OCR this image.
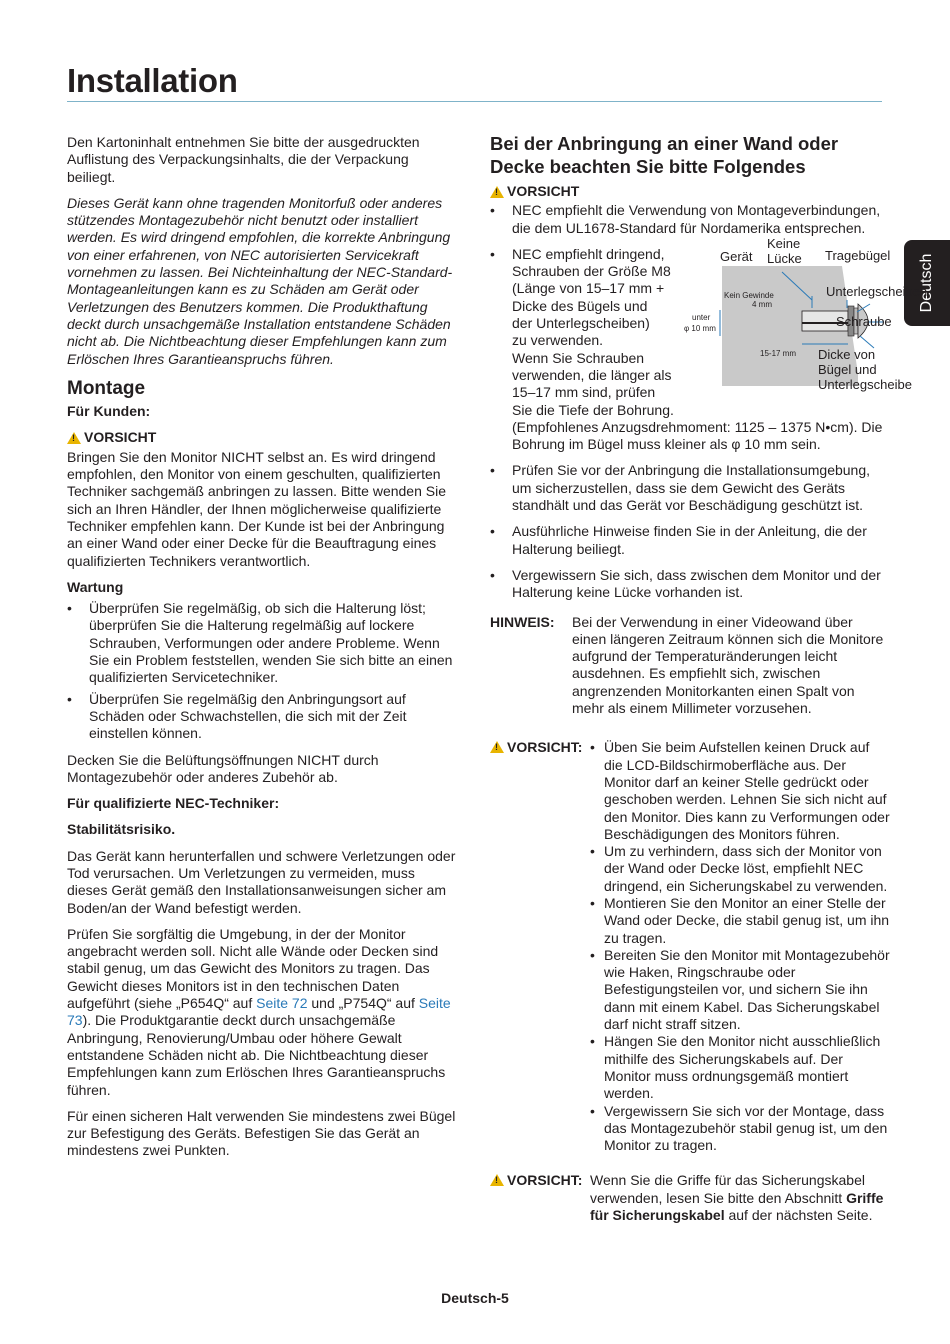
Installation
Deutsch

Den Kartoninhalt entnehmen Sie bitte der ausgedruckten Auflistung des Verpackungsinhalts, die der Verpackung beiliegt.

Dieses Gerät kann ohne tragenden Monitorfuß oder anderes stützendes Montagezubehör nicht benutzt oder installiert werden. Es wird dringend empfohlen, die korrekte Anbringung von einer erfahrenen, von NEC autorisierten Servicekraft vornehmen zu lassen. Bei Nichteinhaltung der NEC-Standard-Montageanleitungen kann es zu Schäden am Gerät oder Verletzungen des Benutzers kommen. Die Produkthaftung deckt durch unsachgemäße Installation entstandene Schäden nicht ab. Die Nichtbeachtung dieser Empfehlungen kann zum Erlöschen Ihres Garantieanspruchs führen.

Montage
Für Kunden:
!
VORSICHT

Bringen Sie den Monitor NICHT selbst an. Es wird dringend empfohlen, den Monitor von einem geschulten, qualifizierten Techniker sachgemäß anbringen zu lassen. Bitte wenden Sie sich an Ihren Händler, der Ihnen möglicherweise qualifizierte Techniker empfehlen kann. Der Kunde ist bei der Anbringung an einer Wand oder einer Decke für die Beauftragung eines qualifizierten Technikers verantwortlich.

Wartung
• Überprüfen Sie regelmäßig, ob sich die Halterung löst; überprüfen Sie die Halterung regelmäßig auf lockere Schrauben, Verformungen oder andere Probleme. Wenn Sie ein Problem feststellen, wenden Sie sich bitte an einen qualifizierten Servicetechniker.
• Überprüfen Sie regelmäßig den Anbringungsort auf Schäden oder Schwachstellen, die sich mit der Zeit einstellen können.

Decken Sie die Belüftungsöffnungen NICHT durch Montagezubehör oder anderes Zubehör ab.

Für qualifizierte NEC-Techniker:
Stabilitätsrisiko.

Das Gerät kann herunterfallen und schwere Verletzungen oder Tod verursachen. Um Verletzungen zu vermeiden, muss dieses Gerät gemäß den Installationsanweisungen sicher am Boden/an der Wand befestigt werden.

Prüfen Sie sorgfältig die Umgebung, in der der Monitor angebracht werden soll. Nicht alle Wände oder Decken sind stabil genug, um das Gewicht des Monitors zu tragen. Das Gewicht dieses Monitors ist in den technischen Daten aufgeführt (siehe „P654Q“ auf Seite 72 und „P754Q“ auf Seite 73). Die Produktgarantie deckt durch unsachgemäße Anbringung, Renovierung/Umbau oder höhere Gewalt entstandene Schäden nicht ab. Die Nichtbeachtung dieser Empfehlungen kann zum Erlöschen Ihres Garantieanspruchs führen.

Für einen sicheren Halt verwenden Sie mindestens zwei Bügel zur Befestigung des Geräts. Befestigen Sie das Gerät an mindestens zwei Punkten.

Bei der Anbringung an einer Wand oder Decke beachten Sie bitte Folgendes
!
VORSICHT
• NEC empfiehlt die Verwendung von Montageverbindungen, die dem UL1678-Standard für Nordamerika entsprechen.
• NEC empfiehlt dringend,
Schrauben der Größe M8
(Länge von 15–17 mm +
Dicke des Bügels und
der Unterlegscheiben)
zu verwenden.
Wenn Sie Schrauben
verwenden, die länger als
15–17 mm sind, prüfen
Sie die Tiefe der Bohrung.
Gerät
Keine
Lücke Tragebügel
Kein Gewinde
4 mm
Unterlegscheiben
unter
φ 10 mm	Schraube
15-17 mm Dicke von
Bügel und
Unterlegscheibe
(Empfohlenes Anzugsdrehmoment: 1125 – 1375 N•cm). Die Bohrung im Bügel muss kleiner als φ 10 mm sein.
• Prüfen Sie vor der Anbringung die Installationsumgebung, um sicherzustellen, dass sie dem Gewicht des Geräts standhält und das Gerät vor Beschädigung geschützt ist.
• Ausführliche Hinweise finden Sie in der Anleitung, die der Halterung beiliegt.
• Vergewissern Sie sich, dass zwischen dem Monitor und der Halterung keine Lücke vorhanden ist.
HINWEIS:	Bei der Verwendung in einer Videowand über einen längeren Zeitraum können sich die Monitore aufgrund der Temperaturänderungen leicht ausdehnen. Es empfiehlt sich, zwischen angrenzenden Monitorkanten einen Spalt von mehr als einem Millimeter vorzusehen.
!
VORSICHT:
•	Üben Sie beim Aufstellen keinen Druck auf die LCD-Bildschirmoberfläche aus. Der Monitor darf an keiner Stelle gedrückt oder geschoben werden. Lehnen Sie sich nicht auf den Monitor. Dies kann zu Verformungen oder Beschädigungen des Monitors führen.
• Um zu verhindern, dass sich der Monitor von der Wand oder Decke löst, empfiehlt NEC dringend, ein Sicherungskabel zu verwenden.
• Montieren Sie den Monitor an einer Stelle der Wand oder Decke, die stabil genug ist, um ihn zu tragen.
• Bereiten Sie den Monitor mit Montagezubehör wie Haken, Ringschraube oder Befestigungsteilen vor, und sichern Sie ihn dann mit einem Kabel. Das Sicherungskabel darf nicht straff sitzen.
• Hängen Sie den Monitor nicht ausschließlich mithilfe des Sicherungskabels auf. Der Monitor muss ordnungsgemäß montiert werden.
• Vergewissern Sie sich vor der Montage, dass das Montagezubehör stabil genug ist, um den Monitor zu tragen.
!
VORSICHT: Wenn Sie die Griffe für das Sicherungskabel verwenden, lesen Sie bitte den Abschnitt Griffe für Sicherungskabel auf der nächsten Seite.
Deutsch-5
